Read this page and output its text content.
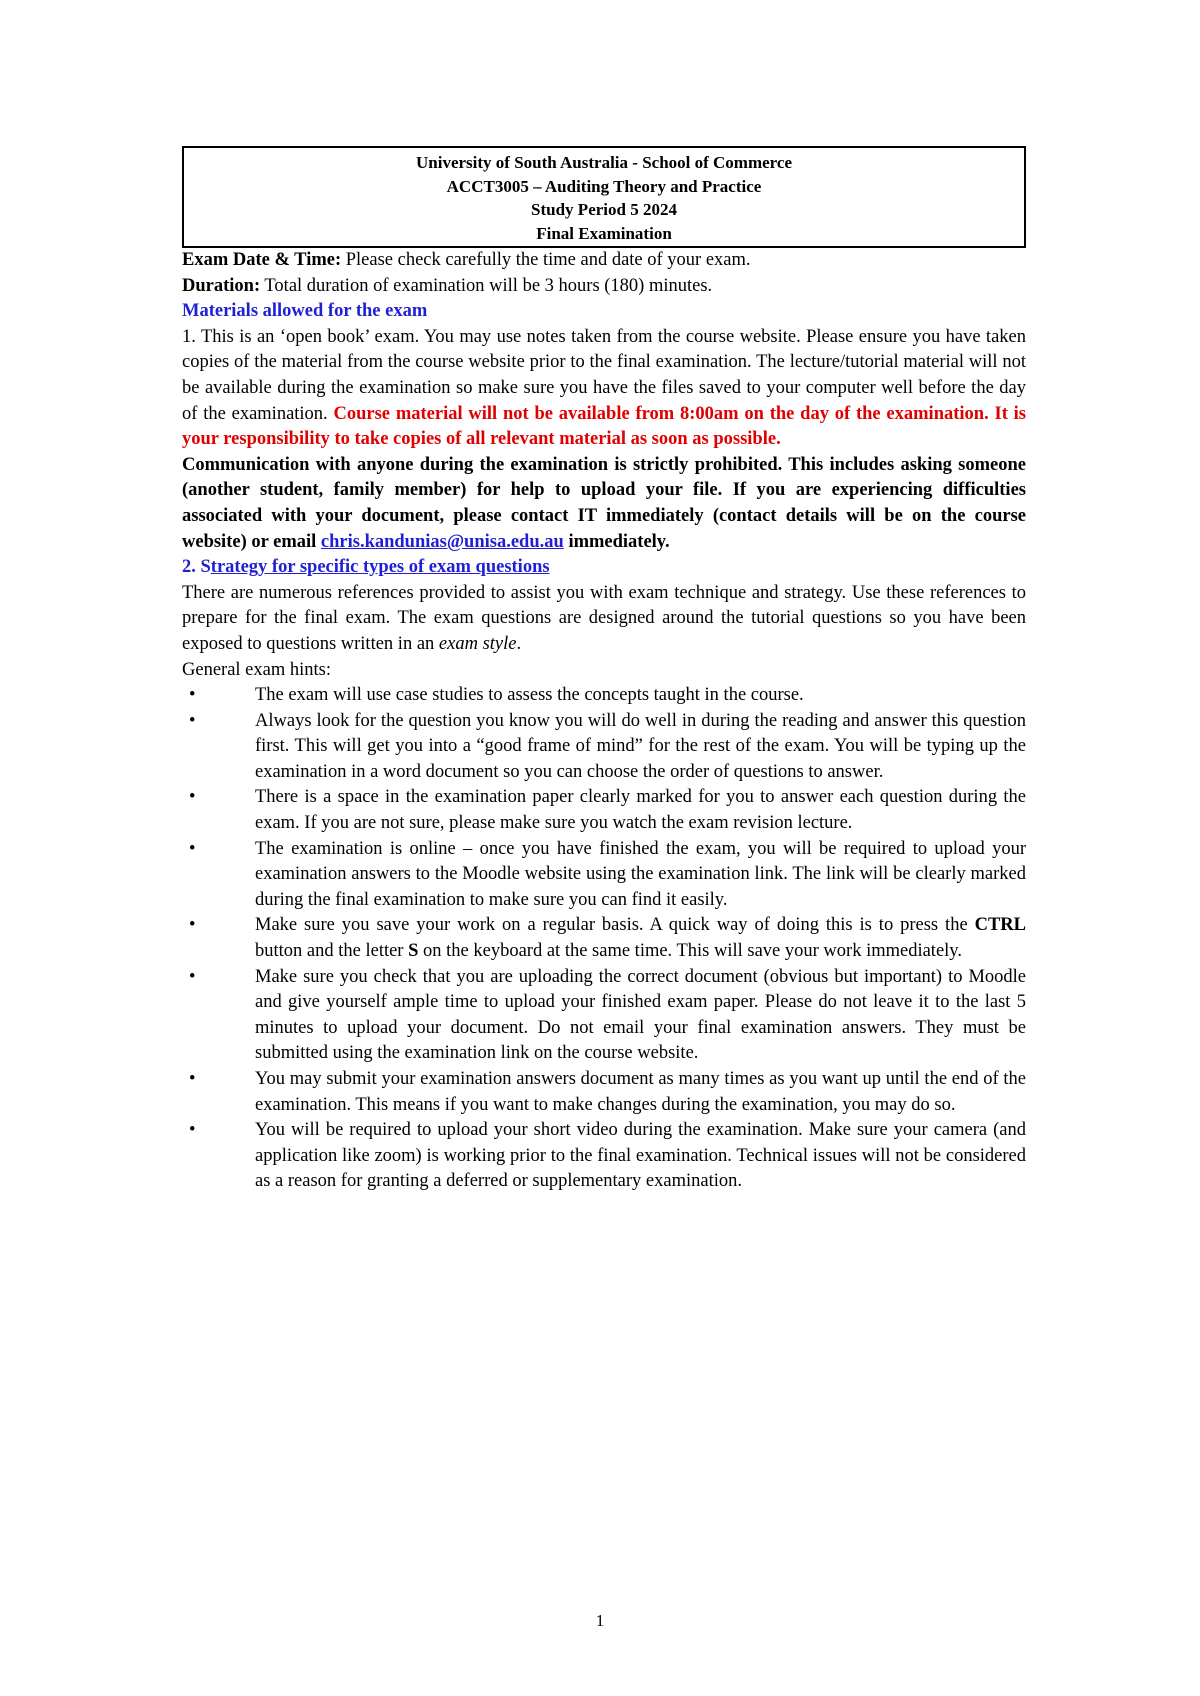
University of South Australia - School of Commerce
ACCT3005 – Auditing Theory and Practice
Study Period 5 2024
Final Examination
Exam Date & Time: Please check carefully the time and date of your exam.
Duration: Total duration of examination will be 3 hours (180) minutes.
Materials allowed for the exam
1. This is an ‘open book’ exam. You may use notes taken from the course website. Please ensure you have taken copies of the material from the course website prior to the final examination. The lecture/tutorial material will not be available during the examination so make sure you have the files saved to your computer well before the day of the examination. Course material will not be available from 8:00am on the day of the examination. It is your responsibility to take copies of all relevant material as soon as possible.
Communication with anyone during the examination is strictly prohibited. This includes asking someone (another student, family member) for help to upload your file. If you are experiencing difficulties associated with your document, please contact IT immediately (contact details will be on the course website) or email chris.kandunias@unisa.edu.au immediately.
2. Strategy for specific types of exam questions
There are numerous references provided to assist you with exam technique and strategy. Use these references to prepare for the final exam. The exam questions are designed around the tutorial questions so you have been exposed to questions written in an exam style.
General exam hints:
•	The exam will use case studies to assess the concepts taught in the course.
•	Always look for the question you know you will do well in during the reading and answer this question first. This will get you into a “good frame of mind” for the rest of the exam. You will be typing up the examination in a word document so you can choose the order of questions to answer.
•	There is a space in the examination paper clearly marked for you to answer each question during the exam. If you are not sure, please make sure you watch the exam revision lecture.
•	The examination is online – once you have finished the exam, you will be required to upload your examination answers to the Moodle website using the examination link. The link will be clearly marked during the final examination to make sure you can find it easily.
•	Make sure you save your work on a regular basis. A quick way of doing this is to press the CTRL button and the letter S on the keyboard at the same time. This will save your work immediately.
•	Make sure you check that you are uploading the correct document (obvious but important) to Moodle and give yourself ample time to upload your finished exam paper. Please do not leave it to the last 5 minutes to upload your document. Do not email your final examination answers. They must be submitted using the examination link on the course website.
•	You may submit your examination answers document as many times as you want up until the end of the examination. This means if you want to make changes during the examination, you may do so.
•	You will be required to upload your short video during the examination. Make sure your camera (and application like zoom) is working prior to the final examination. Technical issues will not be considered as a reason for granting a deferred or supplementary examination.
1
